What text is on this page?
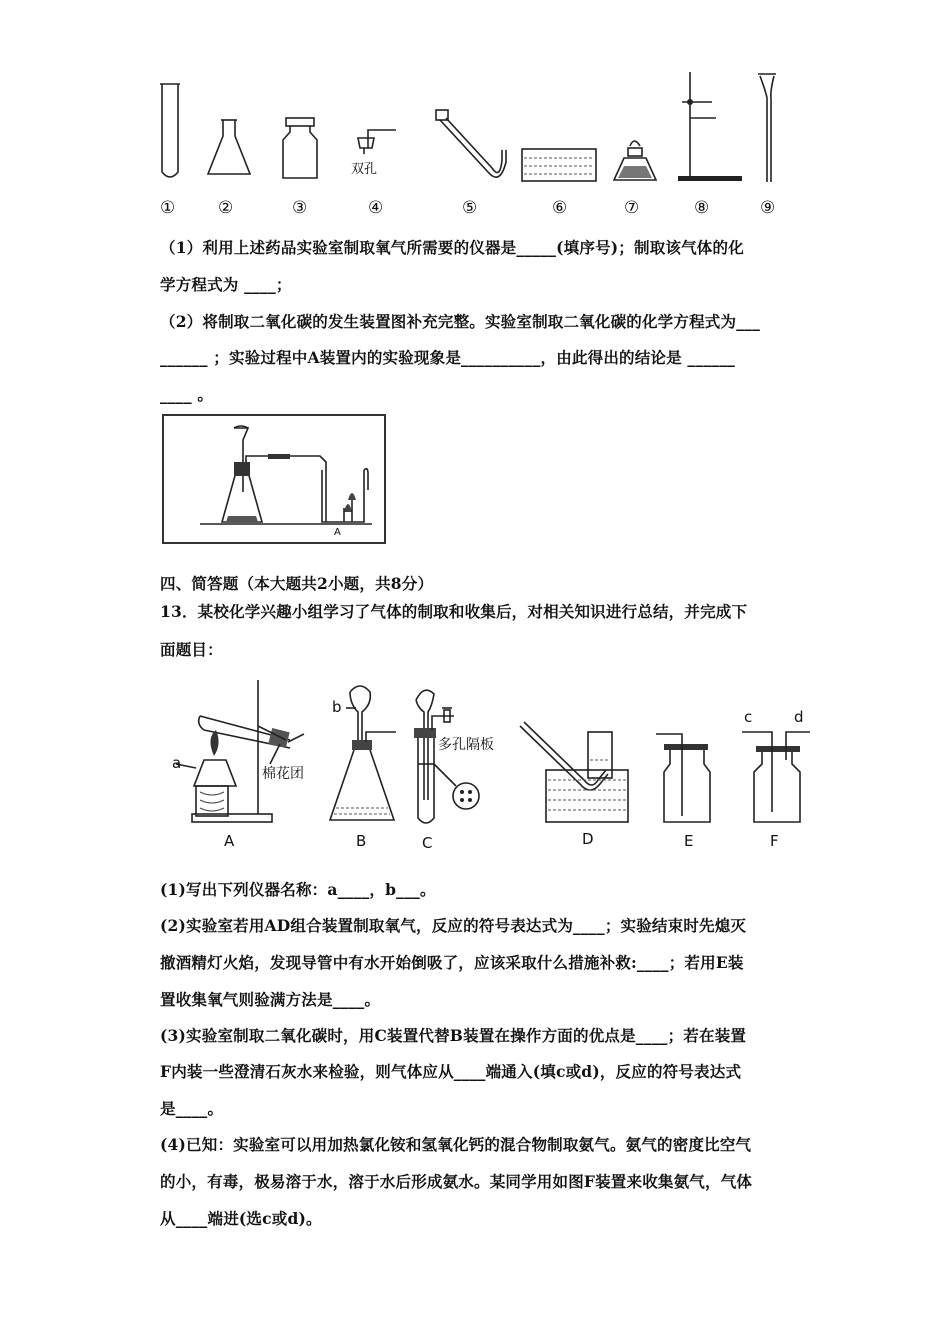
双孔
①	②	③	④	⑤	⑥	⑦	⑧	⑨
（1）利用上述药品实验室制取氧气所需要的仪器是_____(填序号)；制取该气体的化
学方程式为 ____；
（2）将制取二氧化碳的发生装置图补充完整。实验室制取二氧化碳的化学方程式为___
______ ；实验过程中A装置内的实验现象是__________，由此得出的结论是 ______
____ 。
A
四、简答题（本大题共2小题，共8分）
13．某校化学兴趣小组学习了气体的制取和收集后，对相关知识进行总结，并完成下
面题目：
a
棉花团
b
多孔隔板
c	d
A	B	C	D	E	F
(1)写出下列仪器名称：a____，b___。
(2)实验室若用AD组合装置制取氧气，反应的符号表达式为____；实验结束时先熄灭
撤酒精灯火焰，发现导管中有水开始倒吸了，应该采取什么措施补救:____；若用E装
置收集氧气则验满方法是____。
(3)实验室制取二氧化碳时，用C装置代替B装置在操作方面的优点是____；若在装置
F内装一些澄清石灰水来检验，则气体应从____端通入(填c或d)，反应的符号表达式
是____。
(4)已知：实验室可以用加热氯化铵和氢氧化钙的混合物制取氨气。氨气的密度比空气
的小，有毒，极易溶于水，溶于水后形成氨水。某同学用如图F装置来收集氨气，气体
从____端进(选c或d)。
